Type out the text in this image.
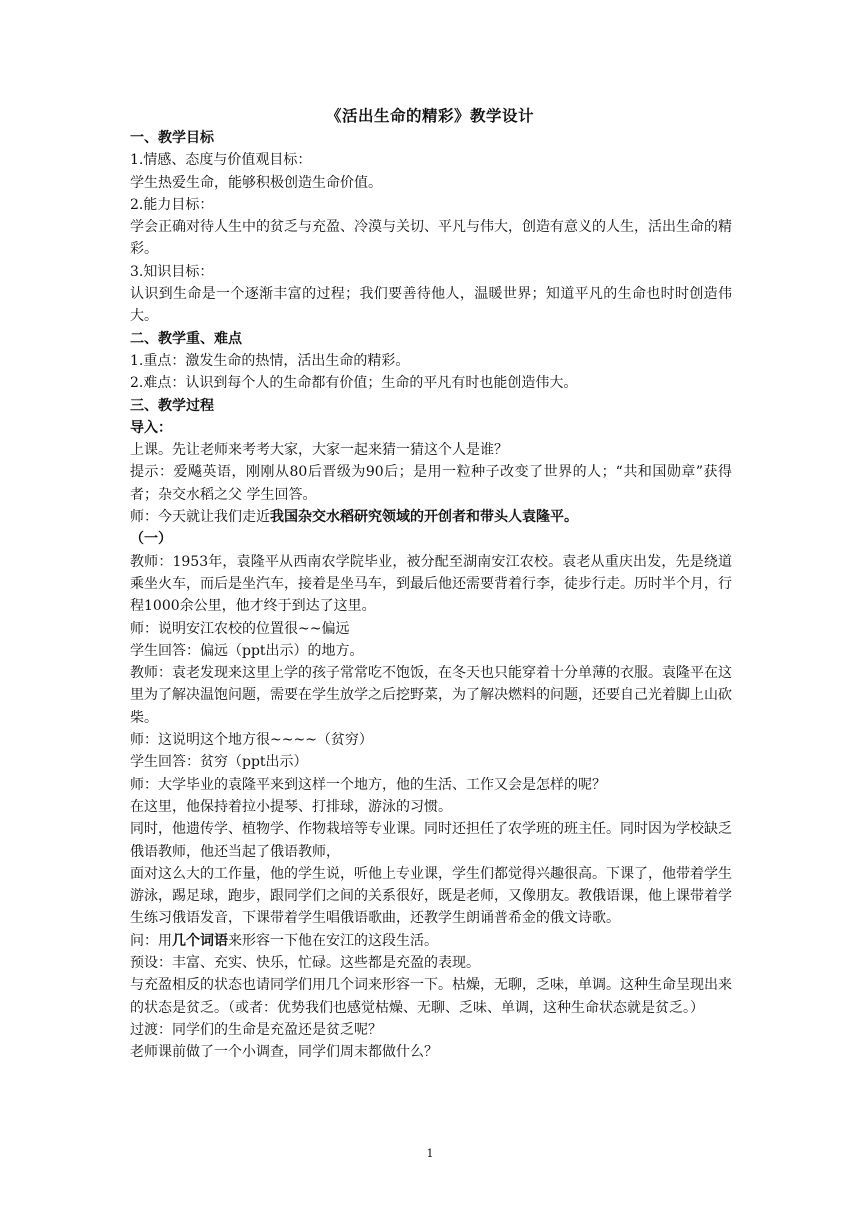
《活出生命的精彩》教学设计

一、教学目标

1.情感、态度与价值观目标：

学生热爱生命，能够积极创造生命价值。

2.能力目标：

学会正确对待人生中的贫乏与充盈、冷漠与关切、平凡与伟大，创造有意义的人生，活出生命的精彩。

3.知识目标：

认识到生命是一个逐渐丰富的过程；我们要善待他人，温暖世界；知道平凡的生命也时时创造伟大。

二、教学重、难点

1.重点：激发生命的热情，活出生命的精彩。

2.难点：认识到每个人的生命都有价值；生命的平凡有时也能创造伟大。

三、教学过程

导入：

上课。先让老师来考考大家，大家一起来猜一猜这个人是谁？

提示：爱飚英语，刚刚从80后晋级为90后；是用一粒种子改变了世界的人；“共和国勋章”获得者；杂交水稻之父 学生回答。

师：今天就让我们走近我国杂交水稻研究领域的开创者和带头人袁隆平。

（一）

教师：1953年，袁隆平从西南农学院毕业，被分配至湖南安江农校。袁老从重庆出发，先是绕道乘坐火车，而后是坐汽车，接着是坐马车，到最后他还需要背着行李，徒步行走。历时半个月，行程1000余公里，他才终于到达了这里。

师：说明安江农校的位置很~~偏远

学生回答：偏远（ppt出示）的地方。

教师：袁老发现来这里上学的孩子常常吃不饱饭，在冬天也只能穿着十分单薄的衣服。袁隆平在这里为了解决温饱问题，需要在学生放学之后挖野菜，为了解决燃料的问题，还要自己光着脚上山砍柴。

师：这说明这个地方很~~~~（贫穷）

学生回答：贫穷（ppt出示）

师：大学毕业的袁隆平来到这样一个地方，他的生活、工作又会是怎样的呢？

在这里，他保持着拉小提琴、打排球，游泳的习惯。

同时，他遗传学、植物学、作物栽培等专业课。同时还担任了农学班的班主任。同时因为学校缺乏俄语教师，他还当起了俄语教师，

面对这么大的工作量，他的学生说，听他上专业课，学生们都觉得兴趣很高。下课了，他带着学生游泳，踢足球，跑步，跟同学们之间的关系很好，既是老师，又像朋友。教俄语课，他上课带着学生练习俄语发音，下课带着学生唱俄语歌曲，还教学生朗诵普希金的俄文诗歌。

问：用几个词语来形容一下他在安江的这段生活。

预设：丰富、充实、快乐，忙碌。这些都是充盈的表现。

与充盈相反的状态也请同学们用几个词来形容一下。枯燥，无聊，乏味，单调。这种生命呈现出来的状态是贫乏。（或者：优势我们也感觉枯燥、无聊、乏味、单调，这种生命状态就是贫乏。）

过渡：同学们的生命是充盈还是贫乏呢？

老师课前做了一个小调查，同学们周末都做什么？

1
